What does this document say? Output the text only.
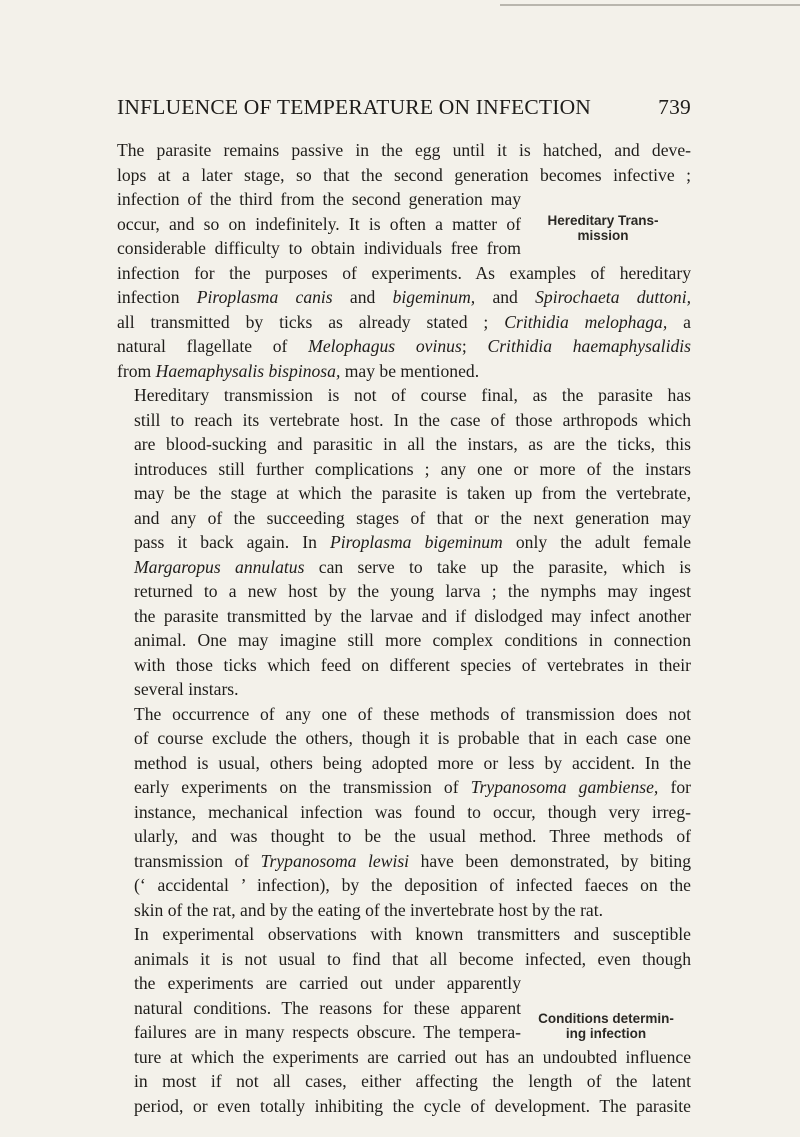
INFLUENCE OF TEMPERATURE ON INFECTION	739
Hereditary Trans-
mission
Conditions determin-
ing infection

The parasite remains passive in the egg until it is hatched, and deve-
lops at a later stage, so that the second generation becomes infective ;
infection of the third from the second generation may
occur, and so on indefinitely. It is often a matter of
considerable difficulty to obtain individuals free from
infection for the purposes of experiments. As examples of hereditary
infection Piroplasma canis and bigeminum, and Spirochaeta duttoni,
all transmitted by ticks as already stated ; Crithidia melophaga, a
natural flagellate of Melophagus ovinus; Crithidia haemaphysalidis
from Haemaphysalis bispinosa, may be mentioned.

Hereditary transmission is not of course final, as the parasite has
still to reach its vertebrate host. In the case of those arthropods which
are blood-sucking and parasitic in all the instars, as are the ticks, this
introduces still further complications ; any one or more of the instars
may be the stage at which the parasite is taken up from the vertebrate,
and any of the succeeding stages of that or the next generation may
pass it back again. In Piroplasma bigeminum only the adult female
Margaropus annulatus can serve to take up the parasite, which is
returned to a new host by the young larva ; the nymphs may ingest
the parasite transmitted by the larvae and if dislodged may infect another
animal. One may imagine still more complex conditions in connection
with those ticks which feed on different species of vertebrates in their
several instars.

The occurrence of any one of these methods of transmission does not
of course exclude the others, though it is probable that in each case one
method is usual, others being adopted more or less by accident. In the
early experiments on the transmission of Trypanosoma gambiense, for
instance, mechanical infection was found to occur, though very irreg-
ularly, and was thought to be the usual method. Three methods of
transmission of Trypanosoma lewisi have been demonstrated, by biting
(‘ accidental ’ infection), by the deposition of infected faeces on the
skin of the rat, and by the eating of the invertebrate host by the rat.

In experimental observations with known transmitters and susceptible
animals it is not usual to find that all become infected, even though
the experiments are carried out under apparently
natural conditions. The reasons for these apparent
failures are in many respects obscure. The tempera-
ture at which the experiments are carried out has an undoubted influence
in most if not all cases, either affecting the length of the latent
period, or even totally inhibiting the cycle of development. The parasite
